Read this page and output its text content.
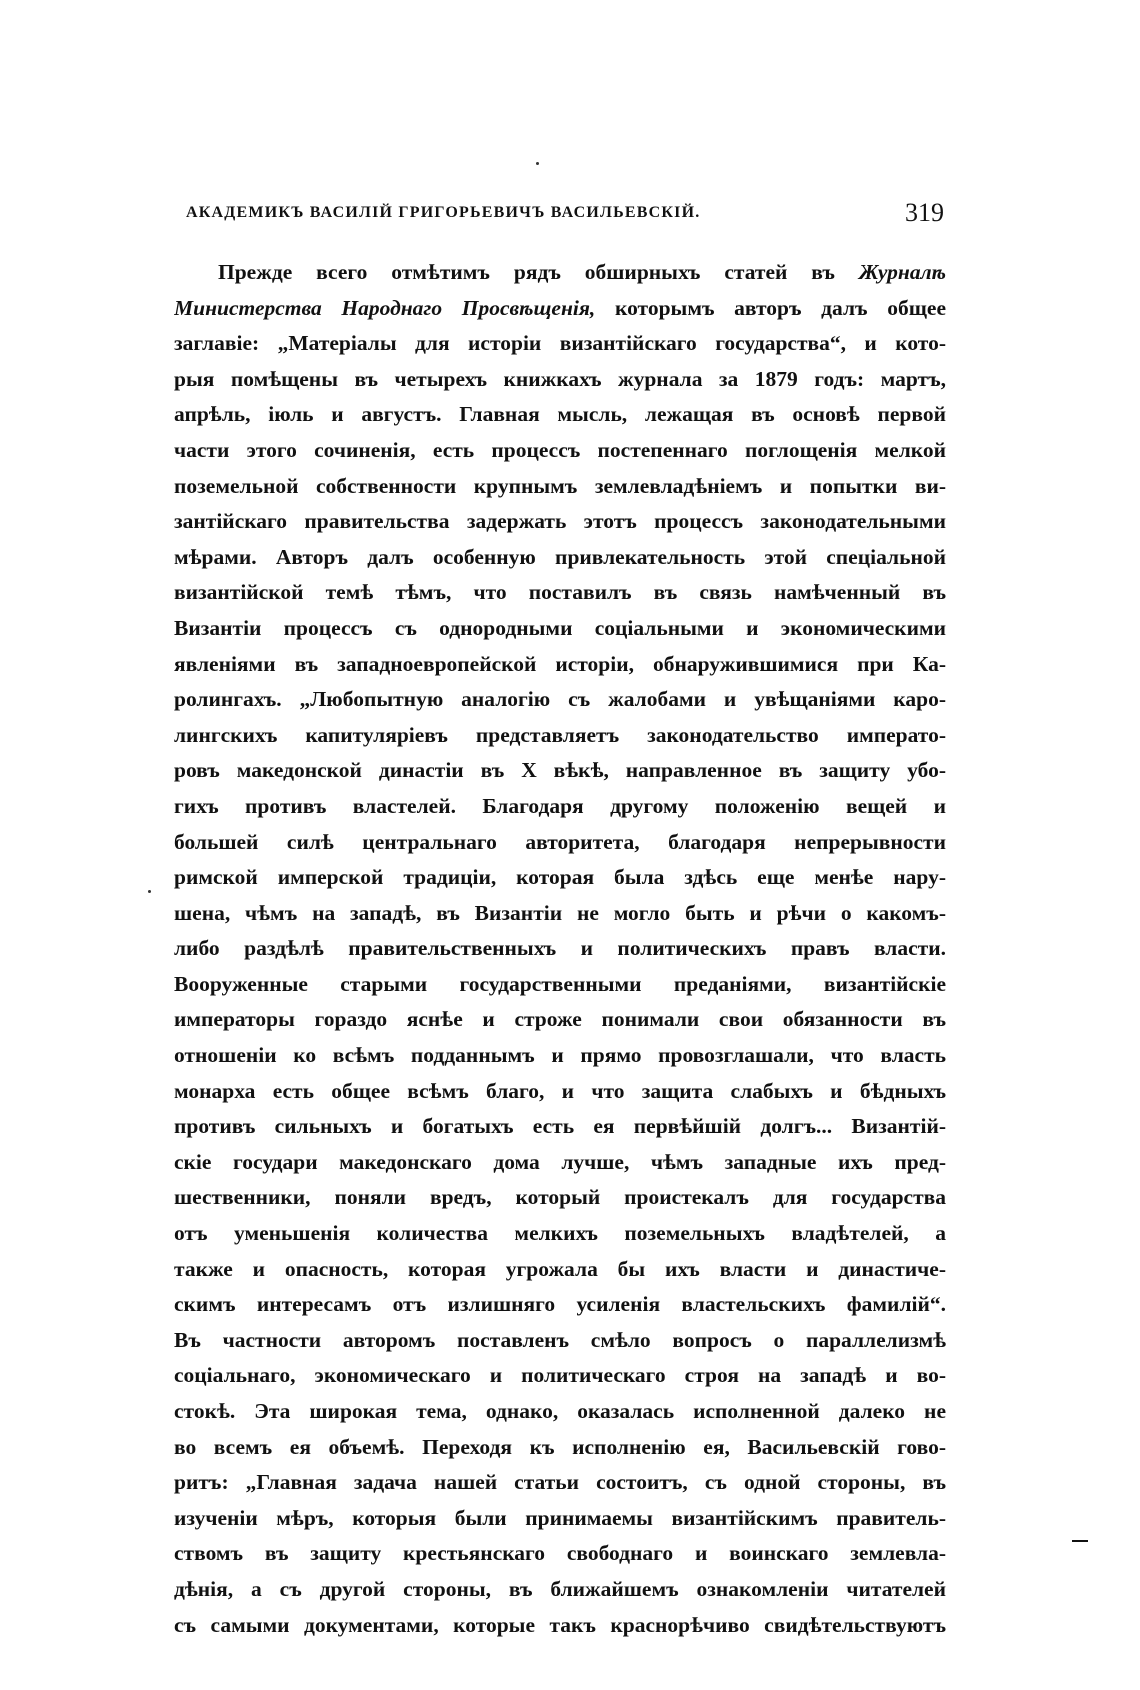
АКАДЕМИКЪ ВАСИЛІЙ ГРИГОРЬЕВИЧЪ ВАСИЛЬЕВСКІЙ.	319
Прежде всего отмѣтимъ рядъ обширныхъ статей въ Журналѣ
Министерства Народнаго Просвѣщенія, которымъ авторъ далъ общее
заглавіе: „Матеріалы для исторіи византійскаго государства“, и кото-
рыя помѣщены въ четырехъ книжкахъ журнала за 1879 годъ: мартъ,
апрѣль, іюль и августъ. Главная мысль, лежащая въ основѣ первой
части этого сочиненія, есть процессъ постепеннаго поглощенія мелкой
поземельной собственности крупнымъ землевладѣніемъ и попытки ви-
зантійскаго правительства задержать этотъ процессъ законодательными
мѣрами. Авторъ далъ особенную привлекательность этой спеціальной
византійской темѣ тѣмъ, что поставилъ въ связь намѣченный въ
Византіи процессъ съ однородными соціальными и экономическими
явленіями въ западноевропейской исторіи, обнаружившимися при Ка-
ролингахъ. „Любопытную аналогію съ жалобами и увѣщаніями каро-
лингскихъ капитуляріевъ представляетъ законодательство императо-
ровъ македонской династіи въ X вѣкѣ, направленное въ защиту убо-
гихъ противъ властелей. Благодаря другому положенію вещей и
большей силѣ центральнаго авторитета, благодаря непрерывности
римской имперской традиціи, которая была здѣсь еще менѣе нару-
шена, чѣмъ на западѣ, въ Византіи не могло быть и рѣчи о какомъ-
либо раздѣлѣ правительственныхъ и политическихъ правъ власти.
Вооруженные старыми государственными преданіями, византійскіе
императоры гораздо яснѣе и строже понимали свои обязанности въ
отношеніи ко всѣмъ подданнымъ и прямо провозглашали, что власть
монарха есть общее всѣмъ благо, и что защита слабыхъ и бѣдныхъ
противъ сильныхъ и богатыхъ есть ея первѣйшій долгъ... Византій-
скіе государи македонскаго дома лучше, чѣмъ западные ихъ пред-
шественники, поняли вредъ, который проистекалъ для государства
отъ уменьшенія количества мелкихъ поземельныхъ владѣтелей, а
также и опасность, которая угрожала бы ихъ власти и династиче-
скимъ интересамъ отъ излишняго усиленія властельскихъ фамилій“.
Въ частности авторомъ поставленъ смѣло вопросъ о параллелизмѣ
соціальнаго, экономическаго и политическаго строя на западѣ и во-
стокѣ. Эта широкая тема, однако, оказалась исполненной далеко не
во всемъ ея объемѣ. Переходя къ исполненію ея, Васильевскій гово-
ритъ: „Главная задача нашей статьи состоитъ, съ одной стороны, въ
изученіи мѣръ, которыя были принимаемы византійскимъ правитель-
ствомъ въ защиту крестьянскаго свободнаго и воинскаго землевла-
дѣнія, а съ другой стороны, въ ближайшемъ ознакомленіи читателей
съ самыми документами, которые такъ краснорѣчиво свидѣтельствуютъ
